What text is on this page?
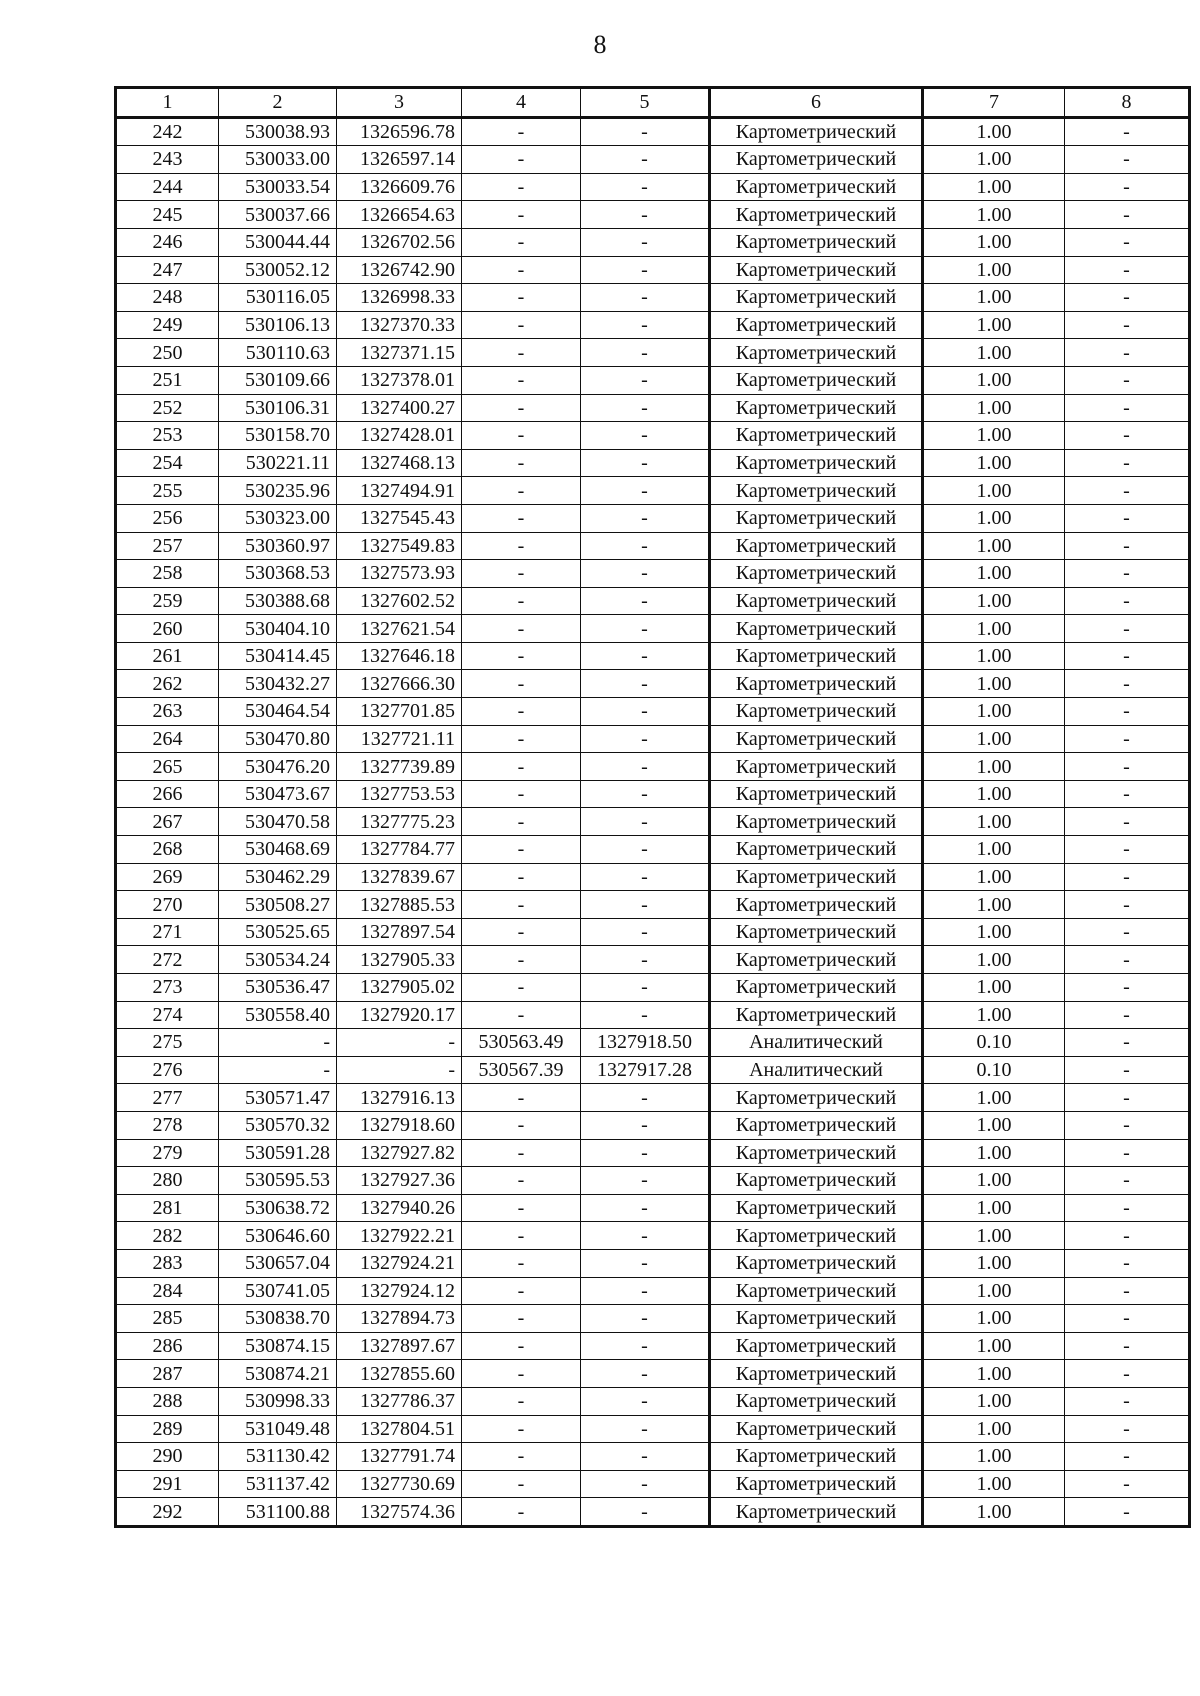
8
1	2	3	4	5	6	7	8
242	530038.93	1326596.78	-	-	Картометрический	1.00	-
243	530033.00	1326597.14	-	-	Картометрический	1.00	-
244	530033.54	1326609.76	-	-	Картометрический	1.00	-
245	530037.66	1326654.63	-	-	Картометрический	1.00	-
246	530044.44	1326702.56	-	-	Картометрический	1.00	-
247	530052.12	1326742.90	-	-	Картометрический	1.00	-
248	530116.05	1326998.33	-	-	Картометрический	1.00	-
249	530106.13	1327370.33	-	-	Картометрический	1.00	-
250	530110.63	1327371.15	-	-	Картометрический	1.00	-
251	530109.66	1327378.01	-	-	Картометрический	1.00	-
252	530106.31	1327400.27	-	-	Картометрический	1.00	-
253	530158.70	1327428.01	-	-	Картометрический	1.00	-
254	530221.11	1327468.13	-	-	Картометрический	1.00	-
255	530235.96	1327494.91	-	-	Картометрический	1.00	-
256	530323.00	1327545.43	-	-	Картометрический	1.00	-
257	530360.97	1327549.83	-	-	Картометрический	1.00	-
258	530368.53	1327573.93	-	-	Картометрический	1.00	-
259	530388.68	1327602.52	-	-	Картометрический	1.00	-
260	530404.10	1327621.54	-	-	Картометрический	1.00	-
261	530414.45	1327646.18	-	-	Картометрический	1.00	-
262	530432.27	1327666.30	-	-	Картометрический	1.00	-
263	530464.54	1327701.85	-	-	Картометрический	1.00	-
264	530470.80	1327721.11	-	-	Картометрический	1.00	-
265	530476.20	1327739.89	-	-	Картометрический	1.00	-
266	530473.67	1327753.53	-	-	Картометрический	1.00	-
267	530470.58	1327775.23	-	-	Картометрический	1.00	-
268	530468.69	1327784.77	-	-	Картометрический	1.00	-
269	530462.29	1327839.67	-	-	Картометрический	1.00	-
270	530508.27	1327885.53	-	-	Картометрический	1.00	-
271	530525.65	1327897.54	-	-	Картометрический	1.00	-
272	530534.24	1327905.33	-	-	Картометрический	1.00	-
273	530536.47	1327905.02	-	-	Картометрический	1.00	-
274	530558.40	1327920.17	-	-	Картометрический	1.00	-
275	-	-	530563.49	1327918.50	Аналитический	0.10	-
276	-	-	530567.39	1327917.28	Аналитический	0.10	-
277	530571.47	1327916.13	-	-	Картометрический	1.00	-
278	530570.32	1327918.60	-	-	Картометрический	1.00	-
279	530591.28	1327927.82	-	-	Картометрический	1.00	-
280	530595.53	1327927.36	-	-	Картометрический	1.00	-
281	530638.72	1327940.26	-	-	Картометрический	1.00	-
282	530646.60	1327922.21	-	-	Картометрический	1.00	-
283	530657.04	1327924.21	-	-	Картометрический	1.00	-
284	530741.05	1327924.12	-	-	Картометрический	1.00	-
285	530838.70	1327894.73	-	-	Картометрический	1.00	-
286	530874.15	1327897.67	-	-	Картометрический	1.00	-
287	530874.21	1327855.60	-	-	Картометрический	1.00	-
288	530998.33	1327786.37	-	-	Картометрический	1.00	-
289	531049.48	1327804.51	-	-	Картометрический	1.00	-
290	531130.42	1327791.74	-	-	Картометрический	1.00	-
291	531137.42	1327730.69	-	-	Картометрический	1.00	-
292	531100.88	1327574.36	-	-	Картометрический	1.00	-
